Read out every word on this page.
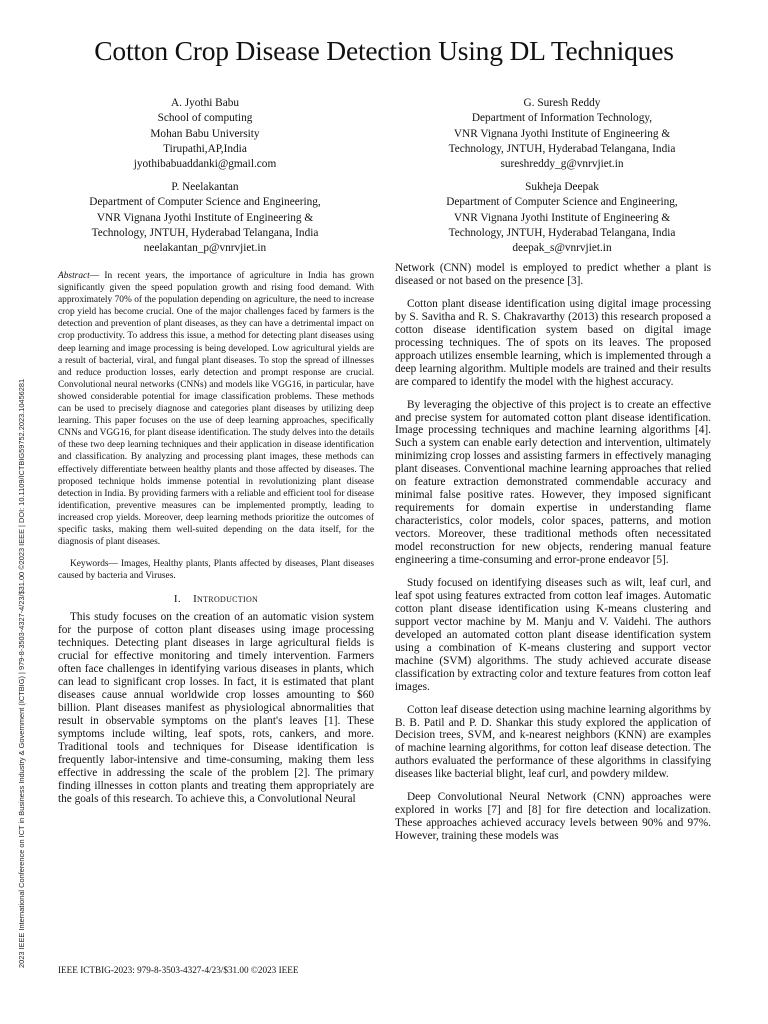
Cotton Crop Disease Detection Using DL Techniques
A. Jyothi Babu
School of computing
Mohan Babu University
Tirupathi,AP,India
jyothibabuaddanki@gmail.com
G. Suresh Reddy
Department of Information Technology,
VNR Vignana Jyothi Institute of Engineering &
Technology, JNTUH, Hyderabad Telangana, India
sureshreddy_g@vnrvjiet.in
P. Neelakantan
Department of Computer Science and Engineering,
VNR Vignana Jyothi Institute of Engineering &
Technology, JNTUH, Hyderabad Telangana, India
neelakantan_p@vnrvjiet.in
Sukheja Deepak
Department of Computer Science and Engineering,
VNR Vignana Jyothi Institute of Engineering &
Technology, JNTUH, Hyderabad Telangana, India
deepak_s@vnrvjiet.in
2023 IEEE International Conference on ICT in Business Industry & Government (ICTBIG) | 979-8-3503-4327-4/23/$31.00 ©2023 IEEE | DOI: 10.1109/ICTBIG59752.2023.10456281

Abstract— In recent years, the importance of agriculture in India has grown significantly given the speed population growth and rising food demand. With approximately 70% of the population depending on agriculture, the need to increase crop yield has become crucial. One of the major challenges faced by farmers is the detection and prevention of plant diseases, as they can have a detrimental impact on crop productivity. To address this issue, a method for detecting plant diseases using deep learning and image processing is being developed. Low agricultural yields are a result of bacterial, viral, and fungal plant diseases. To stop the spread of illnesses and reduce production losses, early detection and prompt response are crucial. Convolutional neural networks (CNNs) and models like VGG16, in particular, have showed considerable potential for image classification problems. These methods can be used to precisely diagnose and categories plant diseases by utilizing deep learning. This paper focuses on the use of deep learning approaches, specifically CNNs and VGG16, for plant disease identification. The study delves into the details of these two deep learning techniques and their application in disease identification and classification. By analyzing and processing plant images, these methods can effectively differentiate between healthy plants and those affected by diseases. The proposed technique holds immense potential in revolutionizing plant disease detection in India. By providing farmers with a reliable and efficient tool for disease identification, preventive measures can be implemented promptly, leading to increased crop yields. Moreover, deep learning methods prioritize the outcomes of specific tasks, making them well-suited depending on the data itself, for the diagnosis of plant diseases.

Keywords— Images, Healthy plants, Plants affected by diseases, Plant diseases caused by bacteria and Viruses.

I. Introduction

This study focuses on the creation of an automatic vision system for the purpose of cotton plant diseases using image processing techniques. Detecting plant diseases in large agricultural fields is crucial for effective monitoring and timely intervention. Farmers often face challenges in identifying various diseases in plants, which can lead to significant crop losses. In fact, it is estimated that plant diseases cause annual worldwide crop losses amounting to $60 billion. Plant diseases manifest as physiological abnormalities that result in observable symptoms on the plant's leaves [1]. These symptoms include wilting, leaf spots, rots, cankers, and more. Traditional tools and techniques for Disease identification is frequently labor-intensive and time-consuming, making them less effective in addressing the scale of the problem [2]. The primary finding illnesses in cotton plants and treating them appropriately are the goals of this research. To achieve this, a Convolutional Neural

Network (CNN) model is employed to predict whether a plant is diseased or not based on the presence [3].

Cotton plant disease identification using digital image processing by S. Savitha and R. S. Chakravarthy (2013) this research proposed a cotton disease identification system based on digital image processing techniques. The of spots on its leaves. The proposed approach utilizes ensemble learning, which is implemented through a deep learning algorithm. Multiple models are trained and their results are compared to identify the model with the highest accuracy.

By leveraging the objective of this project is to create an effective and precise system for automated cotton plant disease identification. Image processing techniques and machine learning algorithms [4]. Such a system can enable early detection and intervention, ultimately minimizing crop losses and assisting farmers in effectively managing plant diseases. Conventional machine learning approaches that relied on feature extraction demonstrated commendable accuracy and minimal false positive rates. However, they imposed significant requirements for domain expertise in understanding flame characteristics, color models, color spaces, patterns, and motion vectors. Moreover, these traditional methods often necessitated model reconstruction for new objects, rendering manual feature engineering a time-consuming and error-prone endeavor [5].

Study focused on identifying diseases such as wilt, leaf curl, and leaf spot using features extracted from cotton leaf images. Automatic cotton plant disease identification using K-means clustering and support vector machine by M. Manju and V. Vaidehi. The authors developed an automated cotton plant disease identification system using a combination of K-means clustering and support vector machine (SVM) algorithms. The study achieved accurate disease classification by extracting color and texture features from cotton leaf images.

Cotton leaf disease detection using machine learning algorithms by B. B. Patil and P. D. Shankar this study explored the application of Decision trees, SVM, and k-nearest neighbors (KNN) are examples of machine learning algorithms, for cotton leaf disease detection. The authors evaluated the performance of these algorithms in classifying diseases like bacterial blight, leaf curl, and powdery mildew.

Deep Convolutional Neural Network (CNN) approaches were explored in works [7] and [8] for fire detection and localization. These approaches achieved accuracy levels between 90% and 97%. However, training these models was

IEEE ICTBIG-2023: 979-8-3503-4327-4/23/$31.00 ©2023 IEEE
